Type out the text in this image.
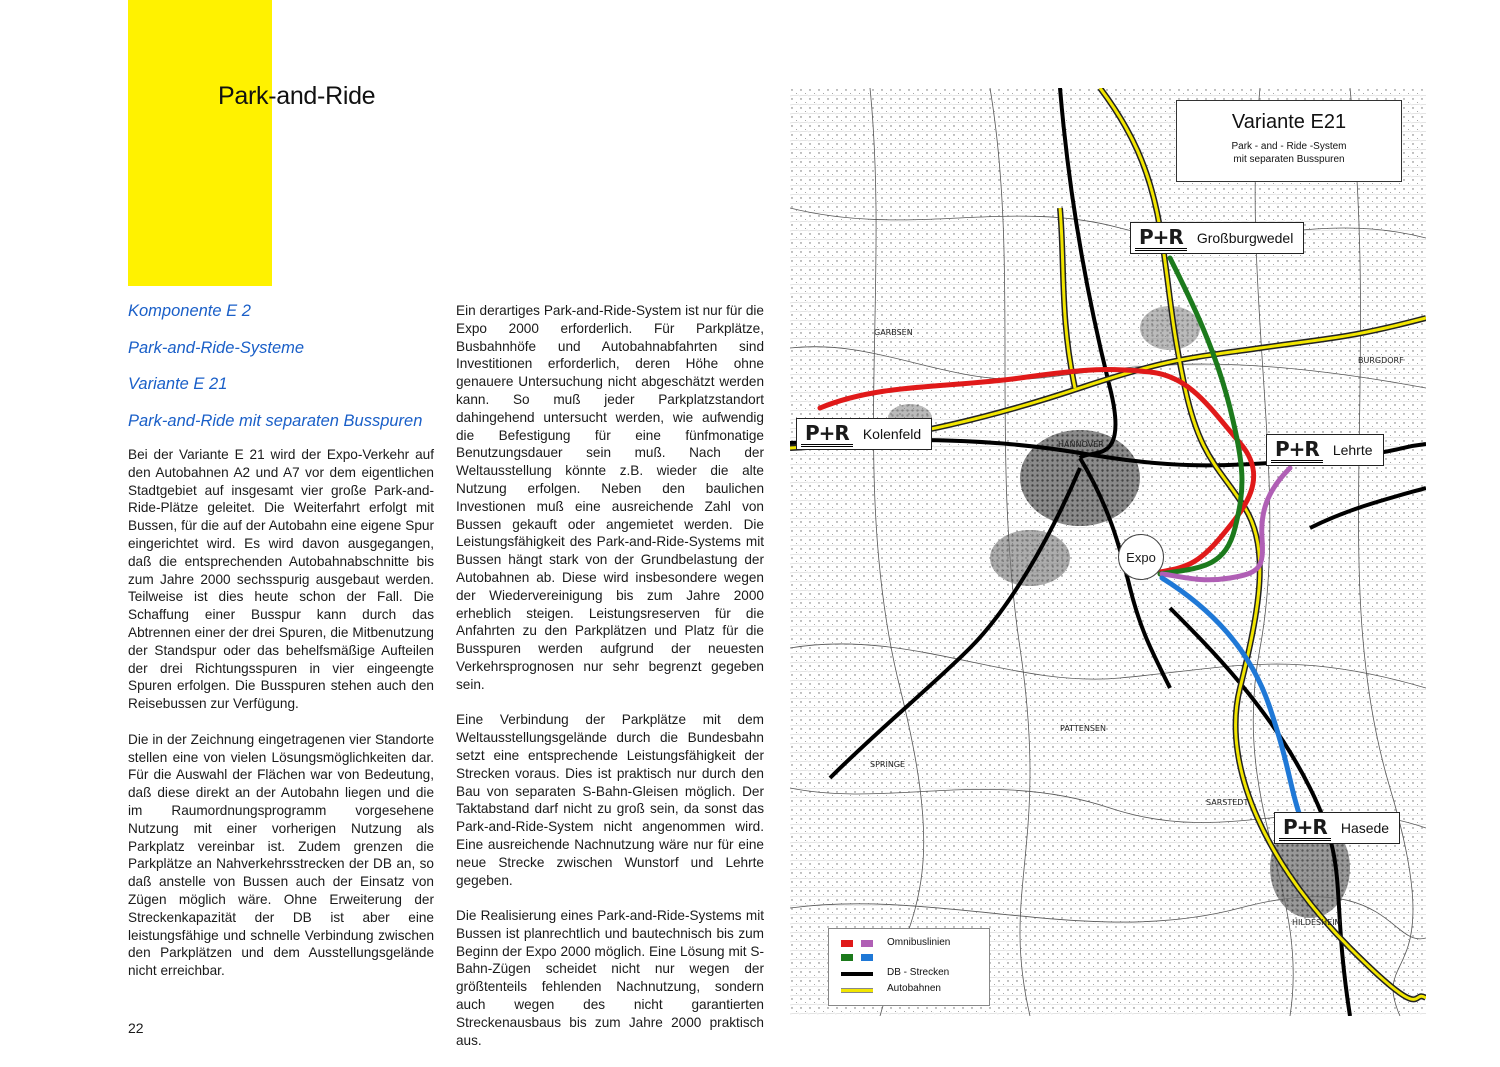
Park-and-Ride
Komponente E 2
Park-and-Ride-Systeme
Variante E 21
Park-and-Ride mit separaten Busspuren

Bei der Variante E 21 wird der Expo-Verkehr auf den Autobahnen A2 und A7 vor dem eigentlichen Stadtgebiet auf insgesamt vier große Park-and-Ride-Plätze geleitet. Die Weiterfahrt erfolgt mit Bussen, für die auf der Autobahn eine eigene Spur eingerichtet wird. Es wird davon ausgegangen, daß die entsprechenden Autobahnabschnitte bis zum Jahre 2000 sechsspurig ausgebaut werden. Teilweise ist dies heute schon der Fall. Die Schaffung einer Busspur kann durch das Abtrennen einer der drei Spuren, die Mitbenutzung der Standspur oder das behelfsmäßige Aufteilen der drei Richtungsspuren in vier eingeengte Spuren erfolgen. Die Busspuren stehen auch den Reisebussen zur Verfügung.

Die in der Zeichnung eingetragenen vier Standorte stellen eine von vielen Lösungsmöglichkeiten dar. Für die Auswahl der Flächen war von Bedeutung, daß diese direkt an der Autobahn liegen und die im Raumordnungsprogramm vorgesehene Nutzung mit einer vorherigen Nutzung als Parkplatz vereinbar ist. Zudem grenzen die Parkplätze an Nahverkehrsstrecken der DB an, so daß anstelle von Bussen auch der Einsatz von Zügen möglich wäre. Ohne Erweiterung der Streckenkapazität der DB ist aber eine leistungsfähige und schnelle Verbindung zwischen den Parkplätzen und dem Ausstellungsgelände nicht erreichbar.

Ein derartiges Park-and-Ride-System ist nur für die Expo 2000 erforderlich. Für Parkplätze, Busbahnhöfe und Autobahnabfahrten sind Investitionen erforderlich, deren Höhe ohne genauere Untersuchung nicht abgeschätzt werden kann. So muß jeder Parkplatzstandort dahingehend untersucht werden, wie aufwendig die Befestigung für eine fünfmonatige Benutzungsdauer sein muß. Nach der Weltausstellung könnte z.B. wieder die alte Nutzung erfolgen. Neben den baulichen Investionen muß eine ausreichende Zahl von Bussen gekauft oder angemietet werden. Die Leistungsfähigkeit des Park-and-Ride-Systems mit Bussen hängt stark von der Grundbelastung der Autobahnen ab. Diese wird insbesondere wegen der Wiedervereinigung bis zum Jahre 2000 erheblich steigen. Leistungsreserven für die Anfahrten zu den Parkplätzen und Platz für die Busspuren werden aufgrund der neuesten Verkehrsprognosen nur sehr begrenzt gegeben sein.

Eine Verbindung der Parkplätze mit dem Weltausstellungsgelände durch die Bundesbahn setzt eine entsprechende Leistungsfähigkeit der Strecken voraus. Dies ist praktisch nur durch den Bau von separaten S-Bahn-Gleisen möglich. Der Taktabstand darf nicht zu groß sein, da sonst das Park-and-Ride-System nicht angenommen wird. Eine ausreichende Nachnutzung wäre nur für eine neue Strecke zwischen Wunstorf und Lehrte gegeben.

Die Realisierung eines Park-and-Ride-Systems mit Bussen ist planrechtlich und bautechnisch bis zum Beginn der Expo 2000 möglich. Eine Lösung mit S-Bahn-Zügen scheidet nicht nur wegen der größtenteils fehlenden Nachnutzung, sondern auch wegen des nicht garantierten Streckenausbaus bis zum Jahre 2000 praktisch aus.

22
HANNOVER
GARBSEN
PATTENSEN
HILDESHEIM
SPRINGE
SARSTEDT
BURGDORF
Variante E21
Park - and - Ride -System
mit separaten Busspuren
P+R Großburgwedel
P+R Kolenfeld
P+R Lehrte
P+R Hasede
Expo
Omnibuslinien
DB - Strecken
Autobahnen
